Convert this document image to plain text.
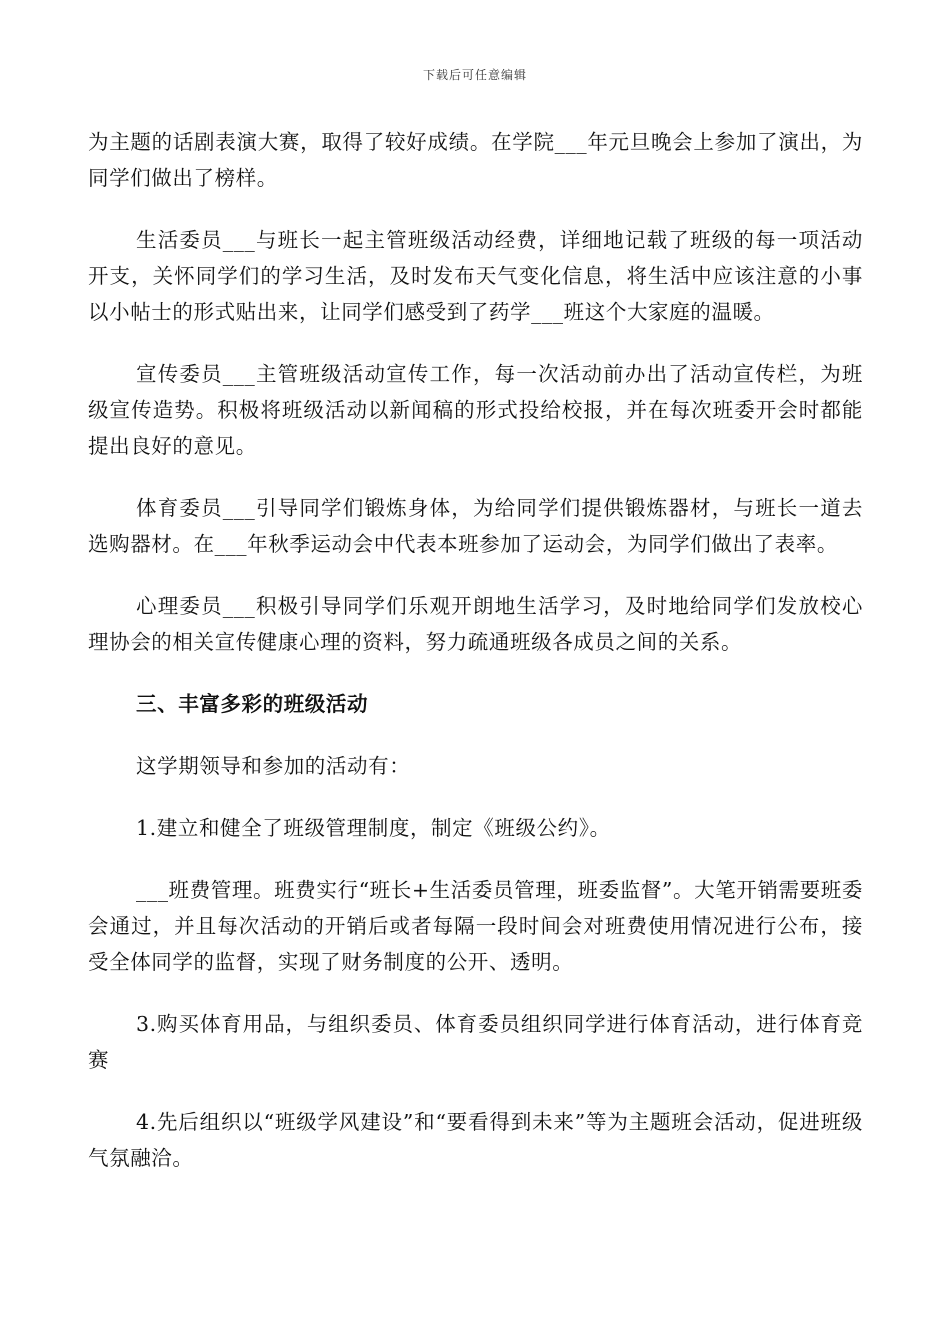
下载后可任意编辑

为主题的话剧表演大赛，取得了较好成绩。在学院___年元旦晚会上参加了演出，为同学们做出了榜样。

生活委员___与班长一起主管班级活动经费，详细地记载了班级的每一项活动开支，关怀同学们的学习生活，及时发布天气变化信息，将生活中应该注意的小事以小帖士的形式贴出来，让同学们感受到了药学___班这个大家庭的温暖。

宣传委员___主管班级活动宣传工作，每一次活动前办出了活动宣传栏，为班级宣传造势。积极将班级活动以新闻稿的形式投给校报，并在每次班委开会时都能提出良好的意见。

体育委员___引导同学们锻炼身体，为给同学们提供锻炼器材，与班长一道去选购器材。在___年秋季运动会中代表本班参加了运动会，为同学们做出了表率。

心理委员___积极引导同学们乐观开朗地生活学习，及时地给同学们发放校心理协会的相关宣传健康心理的资料，努力疏通班级各成员之间的关系。

三、丰富多彩的班级活动

这学期领导和参加的活动有：

1.建立和健全了班级管理制度，制定《班级公约》。

___班费管理。班费实行“班长+生活委员管理，班委监督”。大笔开销需要班委会通过，并且每次活动的开销后或者每隔一段时间会对班费使用情况进行公布，接受全体同学的监督，实现了财务制度的公开、透明。

3.购买体育用品，与组织委员、体育委员组织同学进行体育活动，进行体育竞赛

4.先后组织以“班级学风建设”和“要看得到未来”等为主题班会活动，促进班级气氛融洽。
